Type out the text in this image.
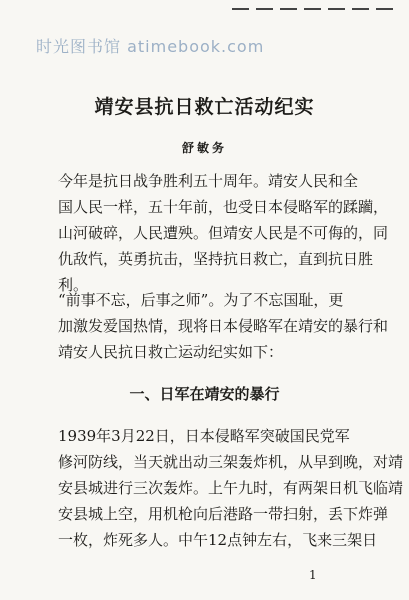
时光图书馆 atimebook.com
靖安县抗日救亡活动纪实
舒敏务
今年是抗日战争胜利五十周年。靖安人民和全
国人民一样，五十年前，也受日本侵略军的蹂躏，
山河破碎，人民遭殃。但靖安人民是不可侮的，同
仇敌忾，英勇抗击，坚持抗日救亡，直到抗日胜
利。
“前事不忘，后事之师”。为了不忘国耻，更
加激发爱国热情，现将日本侵略军在靖安的暴行和
靖安人民抗日救亡运动纪实如下：
一、日军在靖安的暴行
1939年3月22日，日本侵略军突破国民党军
修河防线，当天就出动三架轰炸机，从早到晚，对靖
安县城进行三次轰炸。上午九时，有两架日机飞临靖
安县城上空，用机枪向后港路一带扫射，丢下炸弹
一枚，炸死多人。中午12点钟左右，飞来三架日
1
